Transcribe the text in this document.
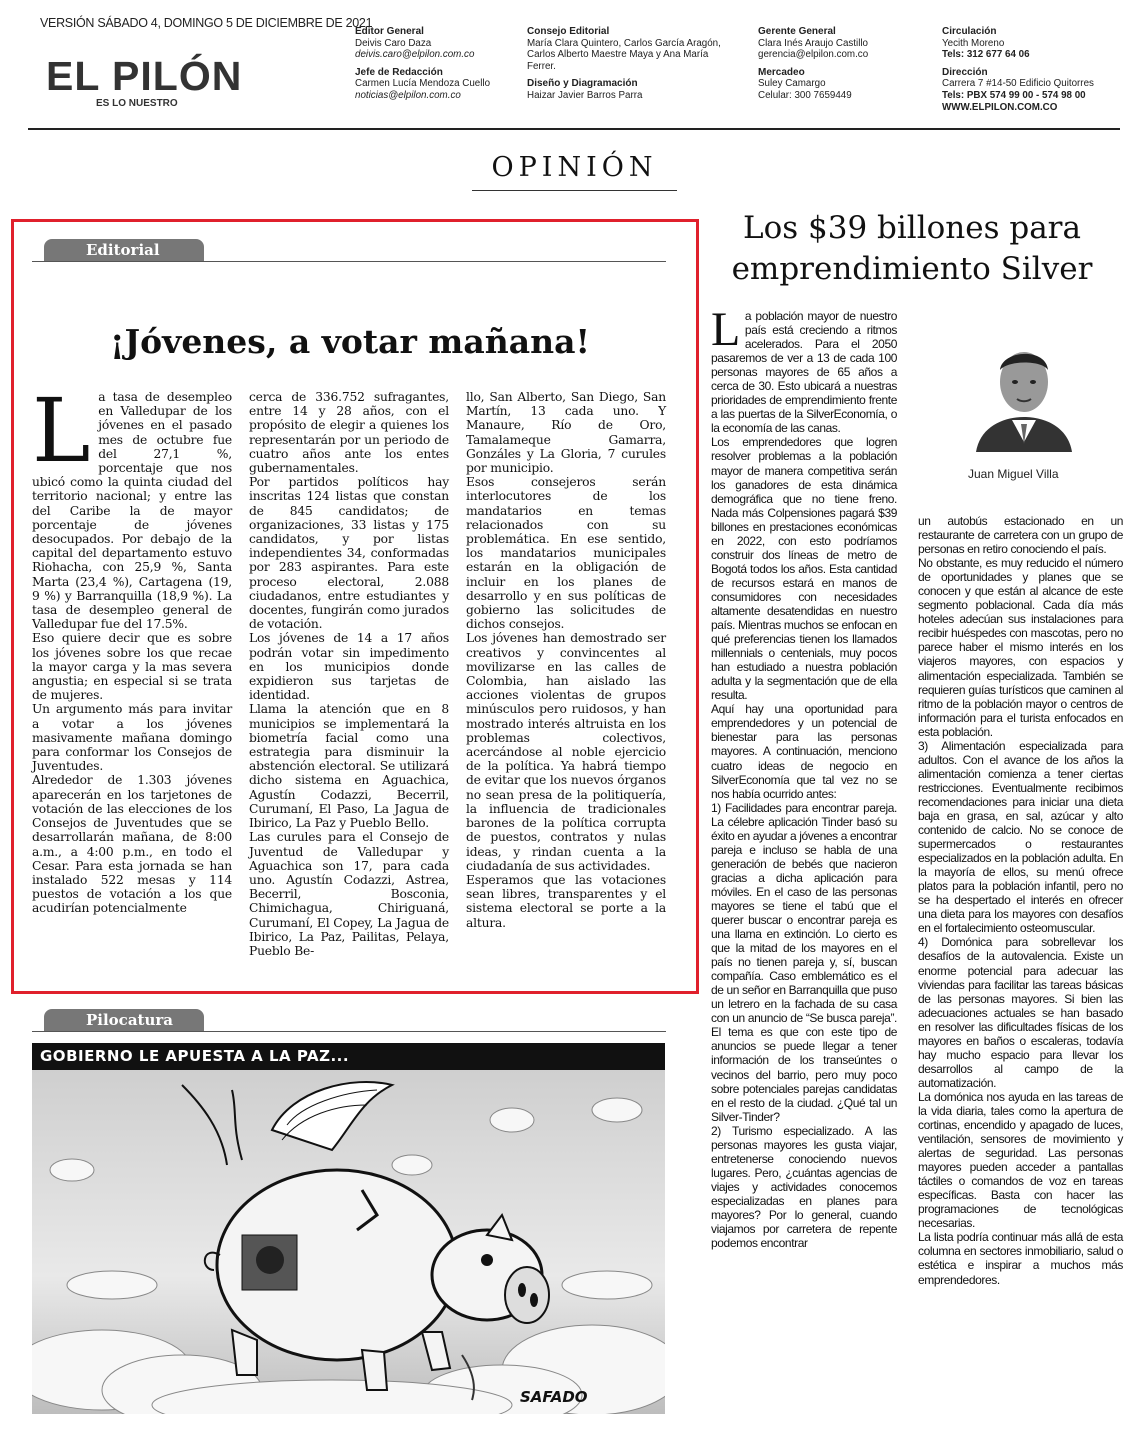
VERSIÓN SÁBADO 4, DOMINGO 5 DE DICIEMBRE DE 2021
EL PILÓN
ES LO NUESTRO
Editor General
Deivis Caro Daza
deivis.caro@elpilon.com.co
Jefe de Redacción
Carmen Lucía Mendoza Cuello
noticias@elpilon.com.co
Consejo Editorial
María Clara Quintero, Carlos García Aragón,
Carlos Alberto Maestre Maya y Ana María
Ferrer.
Diseño y Diagramación
Haizar Javier Barros Parra
Gerente General
Clara Inés Araujo Castillo
gerencia@elpilon.com.co
Mercadeo
Suley Camargo
Celular: 300 7659449
Circulación
Yecith Moreno
Tels: 312 677 64 06
Dirección
Carrera 7 #14-50 Edificio Quitorres
Tels: PBX 574 99 00 - 574 98 00
WWW.ELPILON.COM.CO
OPINIÓN
Editorial
¡Jóvenes, a votar mañana!
L a tasa de desempleo en Valledupar de los jóvenes en el pasado mes de octubre fue del 27,1 %, porcentaje que nos ubicó como la quinta ciudad del territorio nacional; y entre las del Caribe la de mayor porcentaje de jóvenes desocupados. Por debajo de la capital del departamento estuvo Riohacha, con 25,9 %, Santa Marta (23,4 %), Cartagena (19, 9 %) y Barranquilla (18,9 %). La tasa de desempleo general de Valledupar fue del 17.5%.

Eso quiere decir que es sobre los jóvenes sobre los que recae la mayor carga y la mas severa angustia; en especial si se trata de mujeres.

Un argumento más para invitar a votar a los jóvenes masivamente mañana domingo para conformar los Consejos de Juventudes.

Alrededor de 1.303 jóvenes aparecerán en los tarjetones de votación de las elecciones de los Consejos de Juventudes que se desarrollarán mañana, de 8:00 a.m., a 4:00 p.m., en todo el Cesar. Para esta jornada se han instalado 522 mesas y 114 puestos de votación a los que acudirían potencialmente

cerca de 336.752 sufragantes, entre 14 y 28 años, con el propósito de elegir a quienes los representarán por un periodo de cuatro años ante los entes gubernamentales.

Por partidos políticos hay inscritas 124 listas que constan de 845 candidatos; de organizaciones, 33 listas y 175 candidatos, y por listas independientes 34, conformadas por 283 aspirantes. Para este proceso electoral, 2.088 ciudadanos, entre estudiantes y docentes, fungirán como jurados de votación.

Los jóvenes de 14 a 17 años podrán votar sin impedimento en los municipios donde expidieron sus tarjetas de identidad.

Llama la atención que en 8 municipios se implementará la biometría facial como una estrategia para disminuir la abstención electoral. Se utilizará dicho sistema en Aguachica, Agustín Codazzi, Becerril, Curumaní, El Paso, La Jagua de Ibirico, La Paz y Pueblo Bello.

Las curules para el Consejo de Juventud de Valledupar y Aguachica son 17, para cada uno. Agustín Codazzi, Astrea, Becerril, Bosconia, Chimichagua, Chiriguaná, Curumaní, El Copey, La Jagua de Ibirico, La Paz, Pailitas, Pelaya, Pueblo Be-

llo, San Alberto, San Diego, San Martín, 13 cada uno. Y Manaure, Río de Oro, Tamalameque Gamarra, Gonzáles y La Gloria, 7 curules por municipio.

Esos consejeros serán interlocutores de los mandatarios en temas relacionados con su problemática. En ese sentido, los mandatarios municipales estarán en la obligación de incluir en los planes de desarrollo y en sus políticas de gobierno las solicitudes de dichos consejos.

Los jóvenes han demostrado ser creativos y convincentes al movilizarse en las calles de Colombia, han aislado las acciones violentas de grupos minúsculos pero ruidosos, y han mostrado interés altruista en los problemas colectivos, acercándose al noble ejercicio de la política. Ya habrá tiempo de evitar que los nuevos órganos no sean presa de la politiquería, la influencia de tradicionales barones de la política corrupta de puestos, contratos y nulas ideas, y rindan cuenta a la ciudadanía de sus actividades.

Esperamos que las votaciones sean libres, transparentes y el sistema electoral se porte a la altura.

Pilocatura
GOBIERNO LE APUESTA A LA PAZ...
SAFADO
Los $39 billones para
emprendimiento Silver
Juan Miguel Villa
L a población mayor de nuestro país está creciendo a ritmos acelerados. Para el 2050 pasaremos de ver a 13 de cada 100 personas mayores de 65 años a cerca de 30. Esto ubicará a nuestras prioridades de emprendimiento frente a las puertas de la SilverEconomía, o la economía de las canas.

Los emprendedores que logren resolver problemas a la población mayor de manera competitiva serán los ganadores de esta dinámica demográfica que no tiene freno. Nada más Colpensiones pagará $39 billones en prestaciones económicas en 2022, con esto podríamos construir dos líneas de metro de Bogotá todos los años. Esta cantidad de recursos estará en manos de consumidores con necesidades altamente desatendidas en nuestro país. Mientras muchos se enfocan en qué preferencias tienen los llamados millennials o centenials, muy pocos han estudiado a nuestra población adulta y la segmentación que de ella resulta.

Aquí hay una oportunidad para emprendedores y un potencial de bienestar para las personas mayores. A continuación, menciono cuatro ideas de negocio en SilverEconomía que tal vez no se nos había ocurrido antes:

1) Facilidades para encontrar pareja. La célebre aplicación Tinder basó su éxito en ayudar a jóvenes a encontrar pareja e incluso se habla de una generación de bebés que nacieron gracias a dicha aplicación para móviles. En el caso de las personas mayores se tiene el tabú que el querer buscar o encontrar pareja es una llama en extinción. Lo cierto es que la mitad de los mayores en el país no tienen pareja y, sí, buscan compañía. Caso emblemático es el de un señor en Barranquilla que puso un letrero en la fachada de su casa con un anuncio de “Se busca pareja”. El tema es que con este tipo de anuncios se puede llegar a tener información de los transeúntes o vecinos del barrio, pero muy poco sobre potenciales parejas candidatas en el resto de la ciudad. ¿Qué tal un Silver-Tinder?

2) Turismo especializado. A las personas mayores les gusta viajar, entretenerse conociendo nuevos lugares. Pero, ¿cuántas agencias de viajes y actividades conocemos especializadas en planes para mayores? Por lo general, cuando viajamos por carretera de repente podemos encontrar

un autobús estacionado en un restaurante de carretera con un grupo de personas en retiro conociendo el país.

No obstante, es muy reducido el número de oportunidades y planes que se conocen y que están al alcance de este segmento poblacional. Cada día más hoteles adecúan sus instalaciones para recibir huéspedes con mascotas, pero no parece haber el mismo interés en los viajeros mayores, con espacios y alimentación especializada. También se requieren guías turísticos que caminen al ritmo de la población mayor o centros de información para el turista enfocados en esta población.

3) Alimentación especializada para adultos. Con el avance de los años la alimentación comienza a tener ciertas restricciones. Eventualmente recibimos recomendaciones para iniciar una dieta baja en grasa, en sal, azúcar y alto contenido de calcio. No se conoce de supermercados o restaurantes especializados en la población adulta. En la mayoría de ellos, su menú ofrece platos para la población infantil, pero no se ha despertado el interés en ofrecer una dieta para los mayores con desafíos en el fortalecimiento osteomuscular.

4) Domónica para sobrellevar los desafíos de la autovalencia. Existe un enorme potencial para adecuar las viviendas para facilitar las tareas básicas de las personas mayores. Si bien las adecuaciones actuales se han basado en resolver las dificultades físicas de los mayores en baños o escaleras, todavía hay mucho espacio para llevar los desarrollos al campo de la automatización.

La domónica nos ayuda en las tareas de la vida diaria, tales como la apertura de cortinas, encendido y apagado de luces, ventilación, sensores de movimiento y alertas de seguridad. Las personas mayores pueden acceder a pantallas táctiles o comandos de voz en tareas específicas. Basta con hacer las programaciones de tecnológicas necesarias.

La lista podría continuar más allá de esta columna en sectores inmobiliario, salud o estética e inspirar a muchos más emprendedores.
